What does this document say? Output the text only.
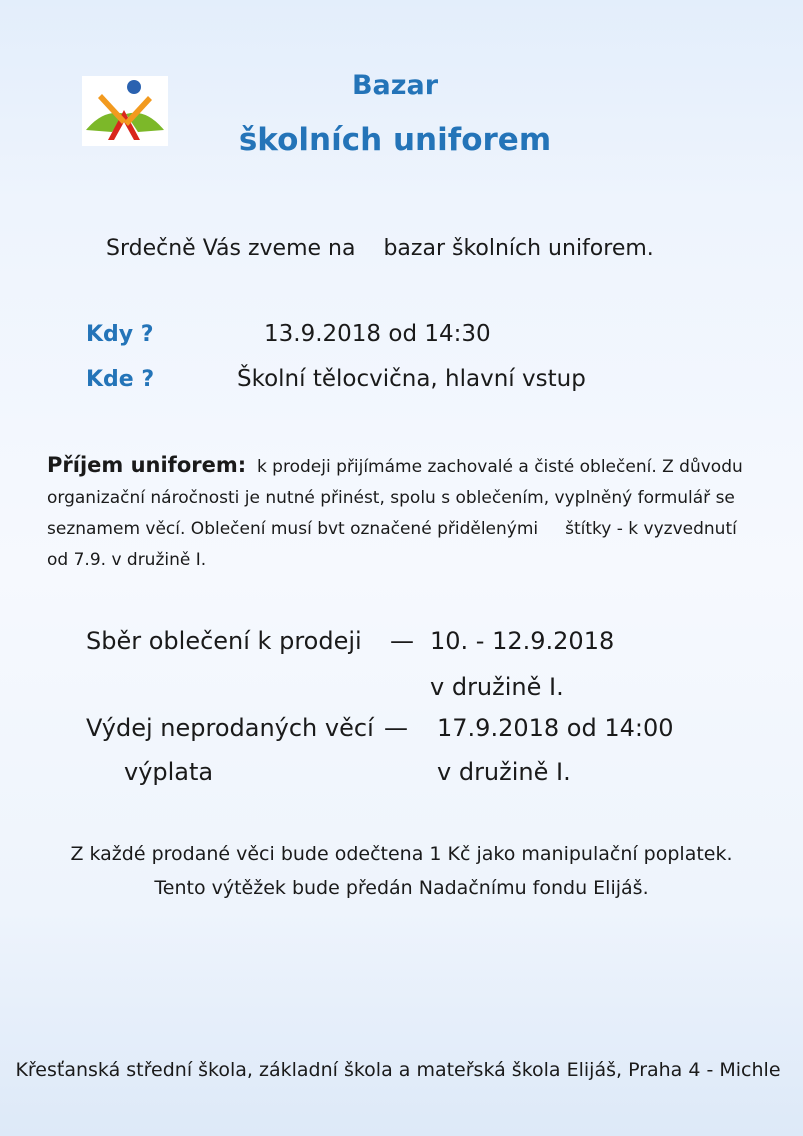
Bazar
školních uniforem
Srdečně Vás zveme na bazar školních uniforem.
Kdy ?	13.9.2018 od 14:30
Kde ?	Školní tělocvična, hlavní vstup
Příjem uniforem: k prodeji přijímáme zachovalé a čisté oblečení. Z důvodu
organizační náročnosti je nutné přinést, spolu s oblečením, vyplněný formulář se
seznamem věcí. Oblečení musí bvt označené přidělenými     štítky - k vyzvednutí
od 7.9. v družině I.
Sběr oblečení k prodeji — 10. - 12.9.2018
v družině I.
Výdej neprodaných věcí — 17.9.2018 od 14:00
výplata	v družině I.
Z každé prodané věci bude odečtena 1 Kč jako manipulační poplatek.
Tento výtěžek bude předán Nadačnímu fondu Elijáš.
Křesťanská střední škola, základní škola a mateřská škola Elijáš, Praha 4 - Michle
